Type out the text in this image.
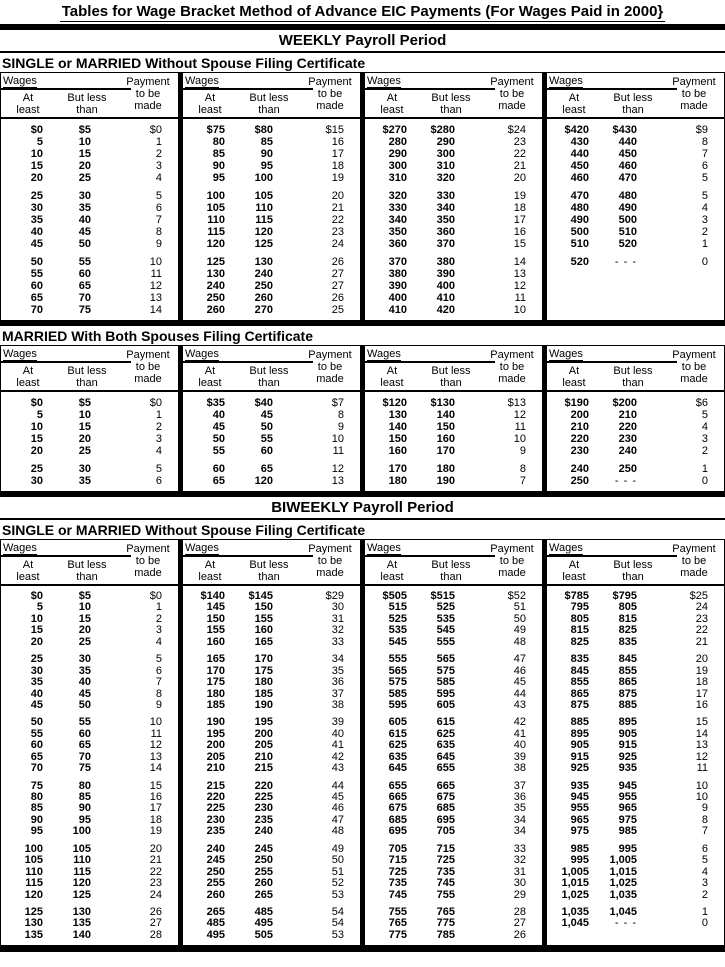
Tables for Wage Bracket Method of Advance EIC Payments (For Wages Paid in 2000}
WEEKLY Payroll Period
SINGLE or MARRIED Without Spouse Filing Certificate
Wages	Payment to be made
At least
But less than
$0	$5	$0
5	10	1
10	15	2
15	20	3
20	25	4
25	30	5
30	35	6
35	40	7
40	45	8
45	50	9
50	55	10
55	60	11
60	65	12
65	70	13
70	75	14
Wages	Payment to be made
At least
But less than
$75	$80	$15
80	85	16
85	90	17
90	95	18
95	100	19
100	105	20
105	110	21
110	115	22
115	120	23
120	125	24
125	130	26
130	240	27
240	250	27
250	260	26
260	270	25
Wages	Payment to be made
At least
But less than
$270	$280	$24
280	290	23
290	300	22
300	310	21
310	320	20
320	330	19
330	340	18
340	350	17
350	360	16
360	370	15
370	380	14
380	390	13
390	400	12
400	410	11
410	420	10
Wages	Payment to be made
At least
But less than
$420	$430	$9
430	440	8
440	450	7
450	460	6
460	470	5
470	480	5
480	490	4
490	500	3
500	510	2
510	520	1
520	- - -	0
MARRIED With Both Spouses Filing Certificate
Wages	Payment to be made
At least
But less than
$0	$5	$0
5	10	1
10	15	2
15	20	3
20	25	4
25	30	5
30	35	6
Wages	Payment to be made
At least
But less than
$35	$40	$7
40	45	8
45	50	9
50	55	10
55	60	11
60	65	12
65	120	13
Wages	Payment to be made
At least
But less than
$120	$130	$13
130	140	12
140	150	11
150	160	10
160	170	9
170	180	8
180	190	7
Wages	Payment to be made
At least
But less than
$190	$200	$6
200	210	5
210	220	4
220	230	3
230	240	2
240	250	1
250	- - -	0
BIWEEKLY Payroll Period
SINGLE or MARRIED Without Spouse Filing Certificate
Wages	Payment to be made
At least
But less than
$0	$5	$0
5	10	1
10	15	2
15	20	3
20	25	4
25	30	5
30	35	6
35	40	7
40	45	8
45	50	9
50	55	10
55	60	11
60	65	12
65	70	13
70	75	14
75	80	15
80	85	16
85	90	17
90	95	18
95	100	19
100	105	20
105	110	21
110	115	22
115	120	23
120	125	24
125	130	26
130	135	27
135	140	28
Wages	Payment to be made
At least
But less than
$140	$145	$29
145	150	30
150	155	31
155	160	32
160	165	33
165	170	34
170	175	35
175	180	36
180	185	37
185	190	38
190	195	39
195	200	40
200	205	41
205	210	42
210	215	43
215	220	44
220	225	45
225	230	46
230	235	47
235	240	48
240	245	49
245	250	50
250	255	51
255	260	52
260	265	53
265	485	54
485	495	54
495	505	53
Wages	Payment to be made
At least
But less than
$505	$515	$52
515	525	51
525	535	50
535	545	49
545	555	48
555	565	47
565	575	46
575	585	45
585	595	44
595	605	43
605	615	42
615	625	41
625	635	40
635	645	39
645	655	38
655	665	37
665	675	36
675	685	35
685	695	34
695	705	34
705	715	33
715	725	32
725	735	31
735	745	30
745	755	29
755	765	28
765	775	27
775	785	26
Wages	Payment to be made
At least
But less than
$785	$795	$25
795	805	24
805	815	23
815	825	22
825	835	21
835	845	20
845	855	19
855	865	18
865	875	17
875	885	16
885	895	15
895	905	14
905	915	13
915	925	12
925	935	11
935	945	10
945	955	10
955	965	9
965	975	8
975	985	7
985	995	6
995	1,005	5
1,005	1,015	4
1,015	1,025	3
1,025	1,035	2
1,035	1,045	1
1,045	- - -	0
